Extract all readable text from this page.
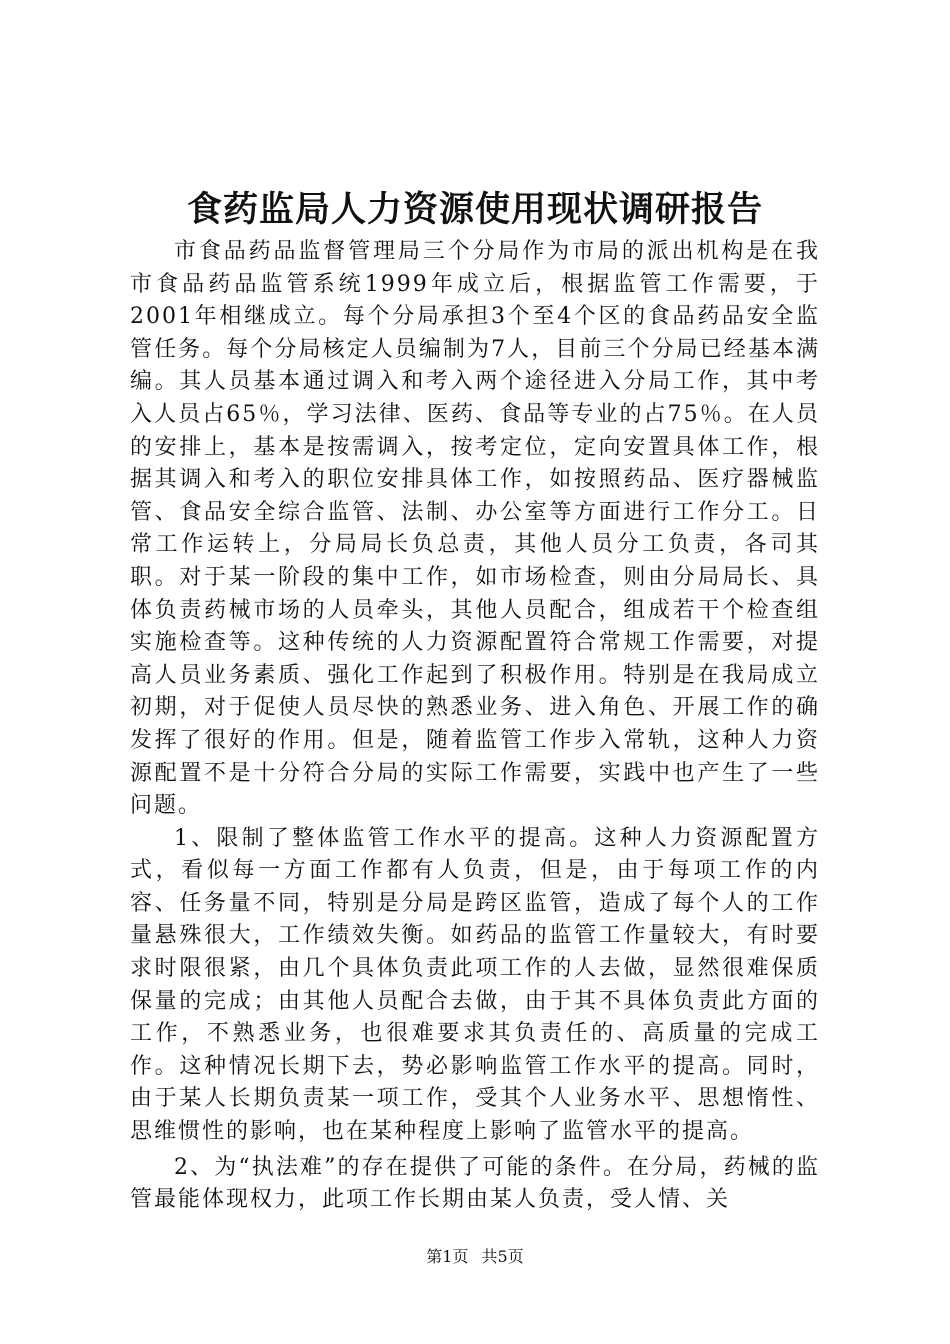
食药监局人力资源使用现状调研报告

市食品药品监督管理局三个分局作为市局的派出机构是在我市食品药品监管系统1999年成立后，根据监管工作需要，于2001年相继成立。每个分局承担3个至4个区的食品药品安全监管任务。每个分局核定人员编制为7人，目前三个分局已经基本满编。其人员基本通过调入和考入两个途径进入分局工作，其中考入人员占65％，学习法律、医药、食品等专业的占75％。在人员的安排上，基本是按需调入，按考定位，定向安置具体工作，根据其调入和考入的职位安排具体工作，如按照药品、医疗器械监管、食品安全综合监管、法制、办公室等方面进行工作分工。日常工作运转上，分局局长负总责，其他人员分工负责，各司其职。对于某一阶段的集中工作，如市场检查，则由分局局长、具体负责药械市场的人员牵头，其他人员配合，组成若干个检查组实施检查等。这种传统的人力资源配置符合常规工作需要，对提高人员业务素质、强化工作起到了积极作用。特别是在我局成立初期，对于促使人员尽快的熟悉业务、进入角色、开展工作的确发挥了很好的作用。但是，随着监管工作步入常轨，这种人力资源配置不是十分符合分局的实际工作需要，实践中也产生了一些问题。

1、限制了整体监管工作水平的提高。这种人力资源配置方式，看似每一方面工作都有人负责，但是，由于每项工作的内容、任务量不同，特别是分局是跨区监管，造成了每个人的工作量悬殊很大，工作绩效失衡。如药品的监管工作量较大，有时要求时限很紧，由几个具体负责此项工作的人去做，显然很难保质保量的完成；由其他人员配合去做，由于其不具体负责此方面的工作，不熟悉业务，也很难要求其负责任的、高质量的完成工作。这种情况长期下去，势必影响监管工作水平的提高。同时，由于某人长期负责某一项工作，受其个人业务水平、思想惰性、思维惯性的影响，也在某种程度上影响了监管水平的提高。

2、为“执法难”的存在提供了可能的条件。在分局，药械的监管最能体现权力，此项工作长期由某人负责，受人情、关

第1页 共5页
